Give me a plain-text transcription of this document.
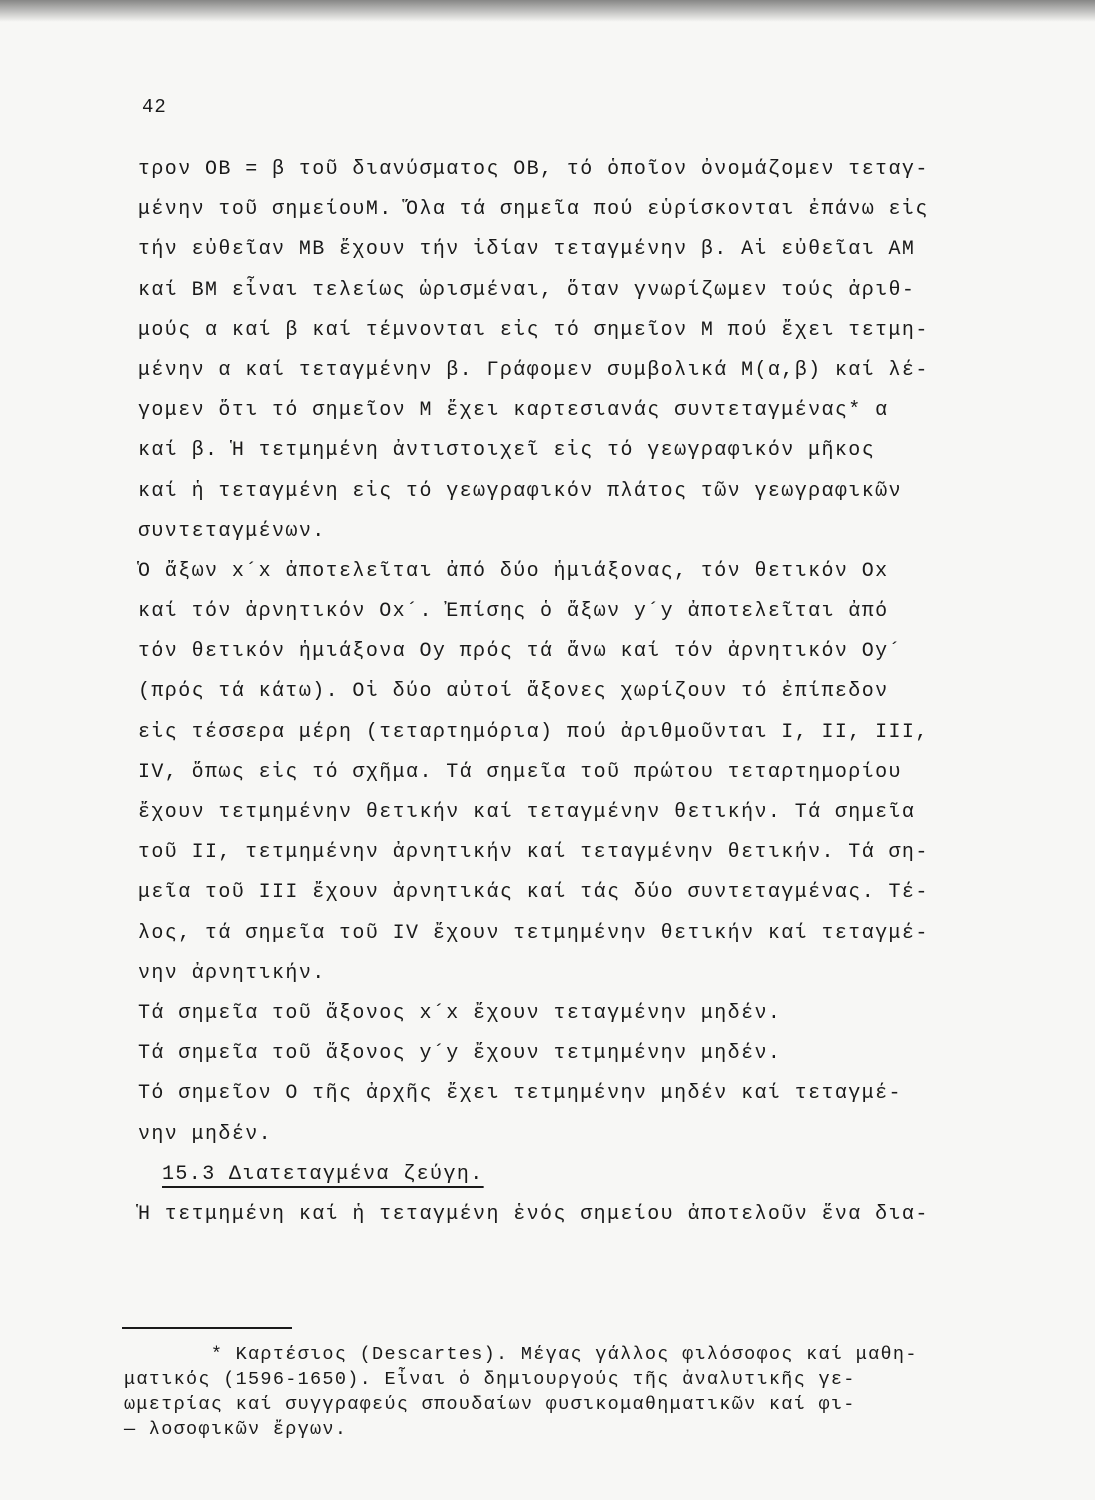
42
τρον OB = β τοῦ διανύσματος OB, τό ὁποῖον ὀνομάζομεν τεταγ-
μένην τοῦ σημείουΜ. Ὅλα τά σημεῖα πού εὑρίσκονται ἐπάνω εἰς
τήν εὐθεῖαν ΜΒ ἔχουν τήν ἰδίαν τεταγμένην β. Αἱ εὐθεῖαι ΑΜ
καί ΒΜ εἶναι τελείως ὡρισμέναι, ὅταν γνωρίζωμεν τούς ἀριθ-
μούς α καί β καί τέμνονται εἰς τό σημεῖον Μ πού ἔχει τετμη-
μένην α καί τεταγμένην β. Γράφομεν συμβολικά Μ(α,β) καί λέ-
γομεν ὅτι τό σημεῖον Μ ἔχει καρτεσιανάς συντεταγμένας* α
καί β. Ἡ τετμημένη ἀντιστοιχεῖ εἰς τό γεωγραφικόν μῆκος
καί ἡ τεταγμένη εἰς τό γεωγραφικόν πλάτος τῶν γεωγραφικῶν
συντεταγμένων.
Ὁ ἄξων x´x ἀποτελεῖται ἀπό δύο ἡμιάξονας, τόν θετικόν Ox
καί τόν ἀρνητικόν Ox´. Ἐπίσης ὁ ἄξων y´y ἀποτελεῖται ἀπό
τόν θετικόν ἡμιάξονα Oy πρός τά ἄνω καί τόν ἀρνητικόν Oy´
(πρός τά κάτω). Οἱ δύο αὐτοί ἄξονες χωρίζουν τό ἐπίπεδον
εἰς τέσσερα μέρη (τεταρτημόρια) πού ἀριθμοῦνται I, II, III,
IV, ὅπως εἰς τό σχῆμα. Τά σημεῖα τοῦ πρώτου τεταρτημορίου
ἔχουν τετμημένην θετικήν καί τεταγμένην θετικήν. Τά σημεῖα
τοῦ II, τετμημένην ἀρνητικήν καί τεταγμένην θετικήν. Τά ση-
μεῖα τοῦ III ἔχουν ἀρνητικάς καί τάς δύο συντεταγμένας. Τέ-
λος, τά σημεῖα τοῦ IV ἔχουν τετμημένην θετικήν καί τεταγμέ-
νην ἀρνητικήν.
Τά σημεῖα τοῦ ἄξονος x´x ἔχουν τεταγμένην μηδέν.
Τά σημεῖα τοῦ ἄξονος y´y ἔχουν τετμημένην μηδέν.
Τό σημεῖον O τῆς ἀρχῆς ἔχει τετμημένην μηδέν καί τεταγμέ-
νην μηδέν.
15.3 Διατεταγμένα ζεύγη.
Ἡ τετμημένη καί ἡ τεταγμένη ἑνός σημείου ἀποτελοῦν ἕνα δια-
* Καρτέσιος (Descartes). Μέγας γάλλος φιλόσοφος καί μαθη-
ματικός (1596-1650). Εἶναι ὁ δημιουργούς τῆς ἀναλυτικῆς γε-
ωμετρίας καί συγγραφεύς σπουδαίων φυσικομαθηματικῶν καί φι-
— λοσοφικῶν ἔργων.
